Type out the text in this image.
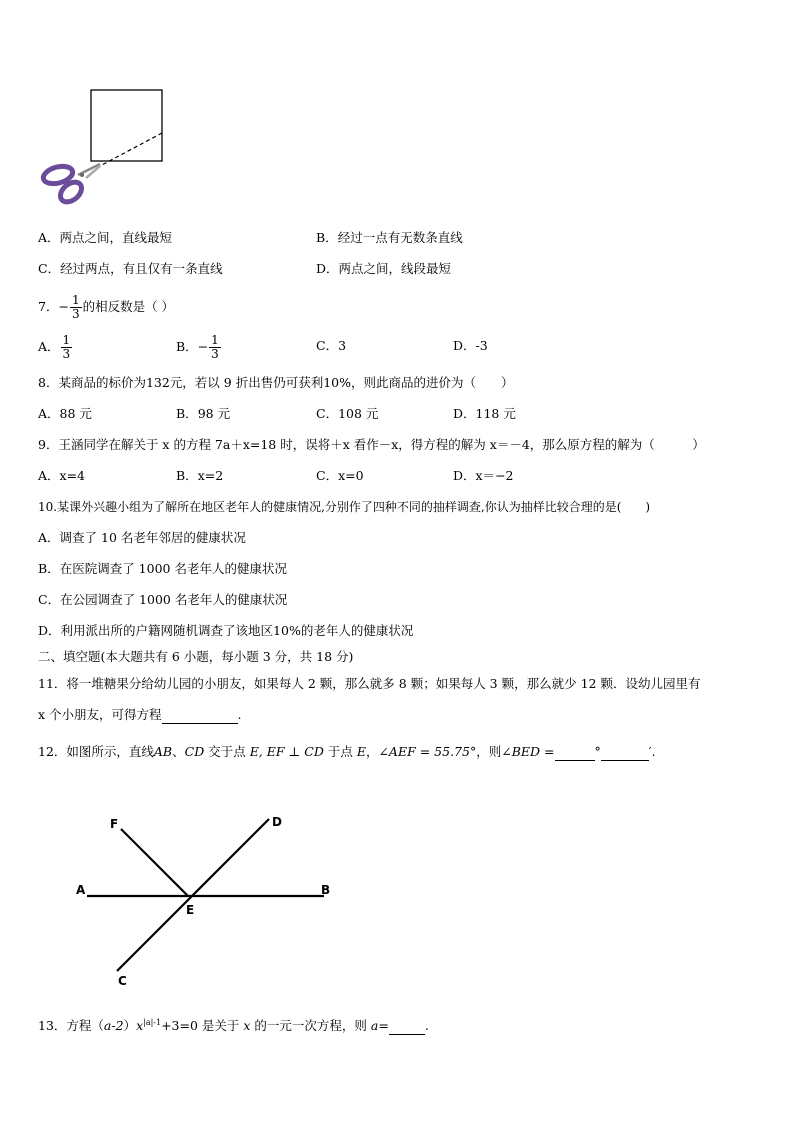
A．两点之间，直线最短	B．经过一点有无数条直线
C．经过两点，有且仅有一条直线	D．两点之间，线段最短
7．− $\frac{1}{3}$ 的相反数是（ ）
A． $\frac{1}{3}$	B．− $\frac{1}{3}$	C．3	D．-3
8．某商品的标价为132元，若以 9 折出售仍可获利10%，则此商品的进价为（　　）
A．88 元	B．98 元	C．108 元	D．118 元
9．王涵同学在解关于 x 的方程 7a＋x=18 时，误将＋x 看作－x，得方程的解为 x＝－4，那么原方程的解为（　　　）
A．x=4	B．x=2	C．x=0	D．x＝−2
10.某课外兴趣小组为了解所在地区老年人的健康情况,分别作了四种不同的抽样调查,你认为抽样比较合理的是(　　)
A．调查了 10 名老年邻居的健康状况
B．在医院调查了 1000 名老年人的健康状况
C．在公园调查了 1000 名老年人的健康状况
D．利用派出所的户籍网随机调查了该地区10%的老年人的健康状况
二、填空题(本大题共有 6 小题，每小题 3 分，共 18 分)
11．将一堆糖果分给幼儿园的小朋友，如果每人 2 颗，那么就多 8 颗；如果每人 3 颗，那么就少 12 颗．设幼儿园里有
x 个小朋友，可得方程	.
12．如图所示，直线AB、CD 交于点 E, EF ⊥ CD 于点 E，∠AEF = 55.75°，则∠BED =	°	′.
F	D
A	B
E
C
13．方程$(a-2)x^{|a|-1}+3=0$ 是关于 x 的一元一次方程，则 a=	.
